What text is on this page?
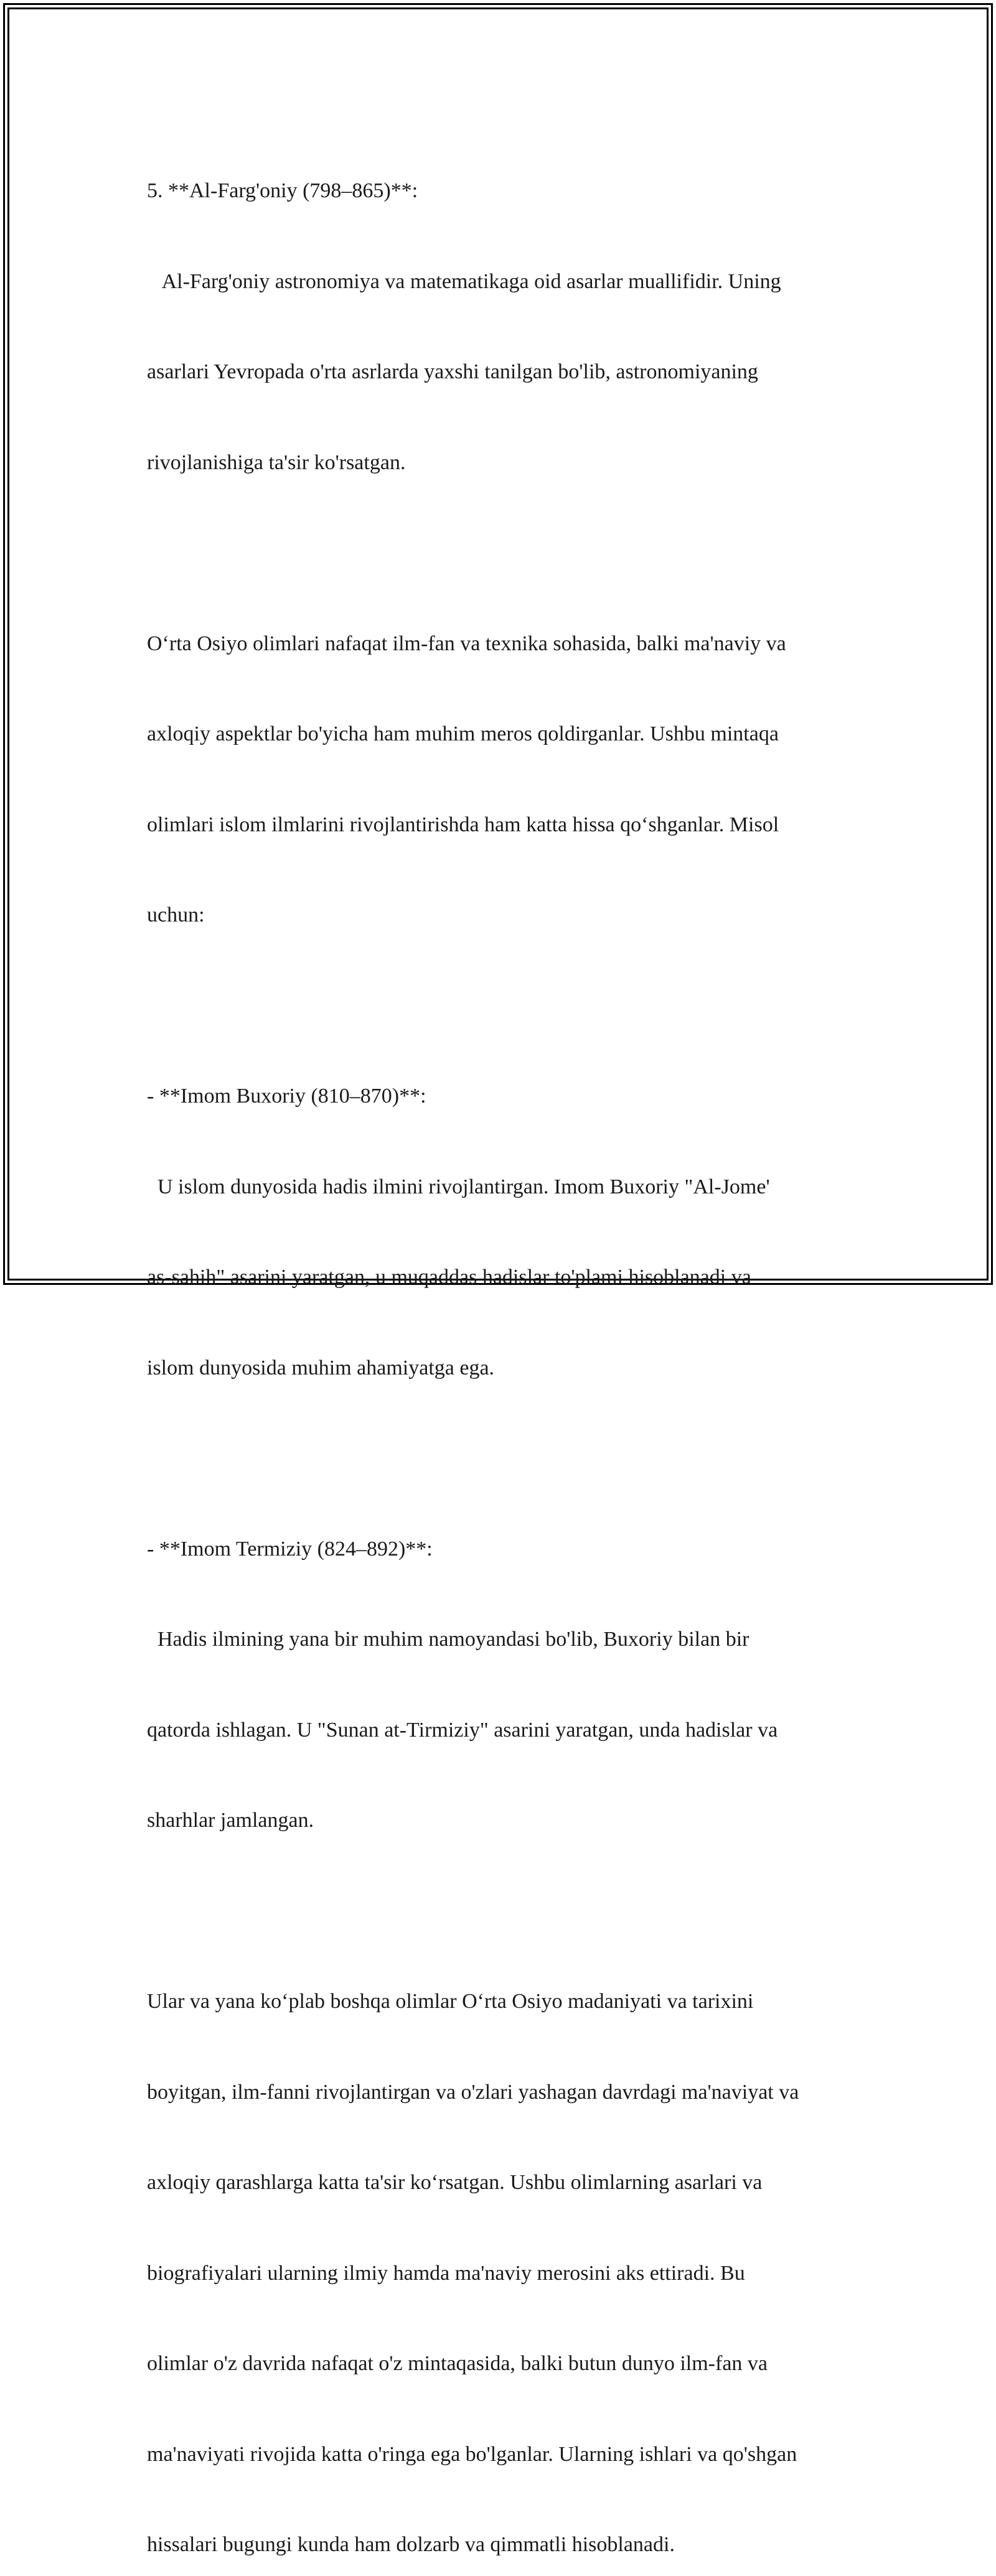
5. **Al-Farg'oniy (798–865)**:

Al-Farg'oniy astronomiya va matematikaga oid asarlar muallifidir. Uning

asarlari Yevropada o'rta asrlarda yaxshi tanilgan bo'lib, astronomiyaning

rivojlanishiga ta'sir ko'rsatgan.

O‘rta Osiyo olimlari nafaqat ilm-fan va texnika sohasida, balki ma'naviy va

axloqiy aspektlar bo'yicha ham muhim meros qoldirganlar. Ushbu mintaqa

olimlari islom ilmlarini rivojlantirishda ham katta hissa qo‘shganlar. Misol

uchun:

- **Imom Buxoriy (810–870)**:

U islom dunyosida hadis ilmini rivojlantirgan. Imom Buxoriy "Al-Jome'

as-sahih" asarini yaratgan, u muqaddas hadislar to'plami hisoblanadi va

islom dunyosida muhim ahamiyatga ega.

- **Imom Termiziy (824–892)**:

Hadis ilmining yana bir muhim namoyandasi bo'lib, Buxoriy bilan bir

qatorda ishlagan. U "Sunan at-Tirmiziy" asarini yaratgan, unda hadislar va

sharhlar jamlangan.

Ular va yana ko‘plab boshqa olimlar O‘rta Osiyo madaniyati va tarixini

boyitgan, ilm-fanni rivojlantirgan va o'zlari yashagan davrdagi ma'naviyat va

axloqiy qarashlarga katta ta'sir ko‘rsatgan. Ushbu olimlarning asarlari va

biografiyalari ularning ilmiy hamda ma'naviy merosini aks ettiradi. Bu

olimlar o'z davrida nafaqat o'z mintaqasida, balki butun dunyo ilm-fan va

ma'naviyati rivojida katta o'ringa ega bo'lganlar. Ularning ishlari va qo'shgan

hissalari bugungi kunda ham dolzarb va qimmatli hisoblanadi.
